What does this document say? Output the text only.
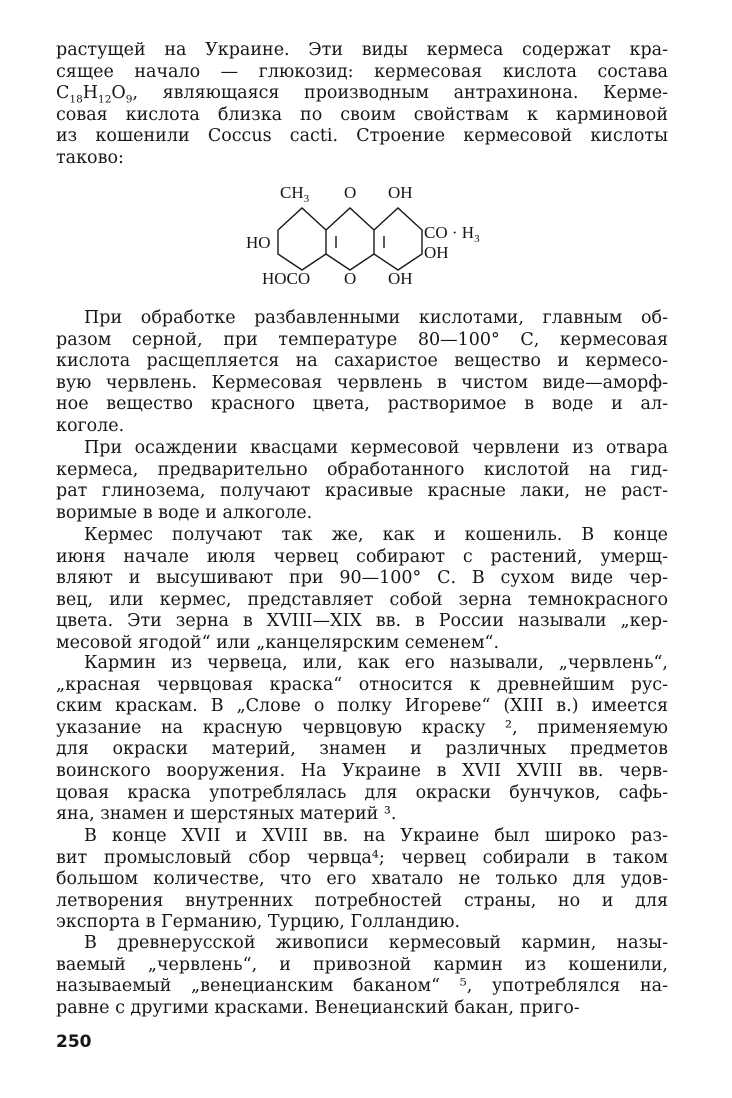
растущей на Украине. Эти виды кермеса содержат кра-
сящее начало — глюкозид: кермесовая кислота состава
$C_{18}H_{12}O_9$, являющаяся производным антрахинона. Керме-
совая кислота близка по своим свойствам к карминовой
из кошенили Coccus cacti. Строение кермесовой кислоты
таково:
$CH_3$ O OH
CO · $H_3$
OH
HO
HOCO O OH
При обработке разбавленными кислотами, главным об-
разом серной, при температуре 80—100° С, кермесовая
кислота расщепляется на сахаристое вещество и кермесо-
вую червлень. Кермесовая червлень в чистом виде—аморф-
ное вещество красного цвета, растворимое в воде и ал-
коголе.
При осаждении квасцами кермесовой червлени из отвара
кермеса, предварительно обработанного кислотой на гид-
рат глинозема, получают красивые красные лаки, не раст-
воримые в воде и алкоголе.
Кермес получают так же, как и кошениль. В конце
июня начале июля червец собирают с растений, умерщ-
вляют и высушивают при 90—100° С. В сухом виде чер-
вец, или кермес, представляет собой зерна темнокрасного
цвета. Эти зерна в XVIII—XIX вв. в России называли „кер-
месовой ягодой“ или „канцелярским семенем“.
Кармин из червеца, или, как его называли, „червлень“,
„красная червцовая краска“ относится к древнейшим рус-
ским краскам. В „Слове о полку Игореве“ (XIII в.) имеется
указание на красную червцовую краску ², применяемую
для окраски материй, знамен и различных предметов
воинского вооружения. На Украине в XVII XVIII вв. черв-
цовая краска употреблялась для окраски бунчуков, сафь-
яна, знамен и шерстяных материй ³.
В конце XVII и XVIII вв. на Украине был широко раз-
вит промысловый сбор червца⁴; червец собирали в таком
большом количестве, что его хватало не только для удов-
летворения внутренних потребностей страны, но и для
экспорта в Германию, Турцию, Голландию.
В древнерусской живописи кермесовый кармин, назы-
ваемый „червлень“, и привозной кармин из кошенили,
называемый „венецианским баканом“ ⁵, употреблялся на-
равне с другими красками. Венецианский бакан, приго-
250
